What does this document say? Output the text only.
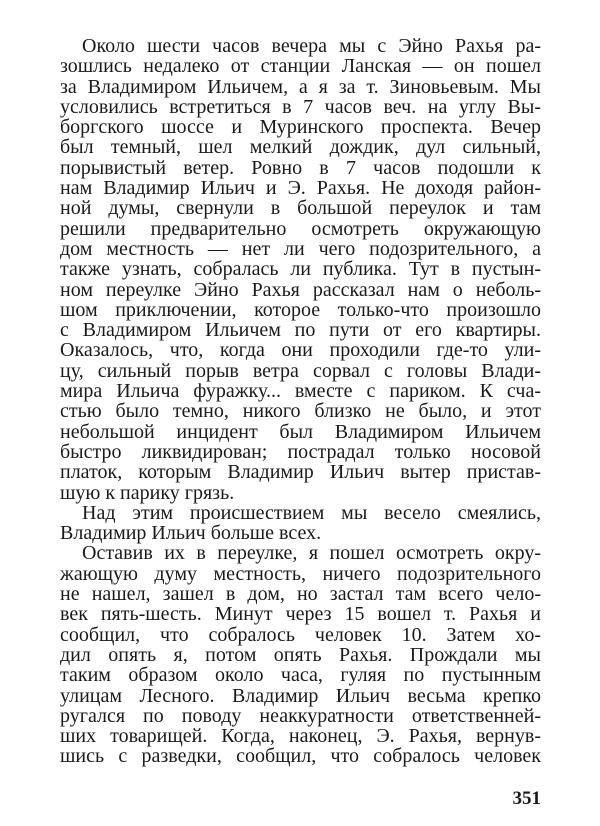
Около шести часов вечера мы с Эйно Рахья ра-
зошлись недалеко от станции Ланская — он пошел
за Владимиром Ильичем, а я за т. Зиновьевым. Мы
условились встретиться в 7 часов веч. на углу Вы-
боргского шоссе и Муринского проспекта. Вечер
был темный, шел мелкий дождик, дул сильный,
порывистый ветер. Ровно в 7 часов подошли к
нам Владимир Ильич и Э. Рахья. Не доходя район-
ной думы, свернули в большой переулок и там
решили предварительно осмотреть окружающую
дом местность — нет ли чего подозрительного, а
также узнать, собралась ли публика. Тут в пустын-
ном переулке Эйно Рахья рассказал нам о неболь-
шом приключении, которое только-что произошло
с Владимиром Ильичем по пути от его квартиры.
Оказалось, что, когда они проходили где-то ули-
цу, сильный порыв ветра сорвал с головы Влади-
мира Ильича фуражку... вместе с париком. К сча-
стью было темно, никого близко не было, и этот
небольшой инцидент был Владимиром Ильичем
быстро ликвидирован; пострадал только носовой
платок, которым Владимир Ильич вытер пристав-
шую к парику грязь.
Над этим происшествием мы весело смеялись,
Владимир Ильич больше всех.
Оставив их в переулке, я пошел осмотреть окру-
жающую думу местность, ничего подозрительного
не нашел, зашел в дом, но застал там всего чело-
век пять-шесть. Минут через 15 вошел т. Рахья и
сообщил, что собралось человек 10. Затем хо-
дил опять я, потом опять Рахья. Прождали мы
таким образом около часа, гуляя по пустынным
улицам Лесного. Владимир Ильич весьма крепко
ругался по поводу неаккуратности ответственней-
ших товарищей. Когда, наконец, Э. Рахья, вернув-
шись с разведки, сообщил, что собралось человек
351
